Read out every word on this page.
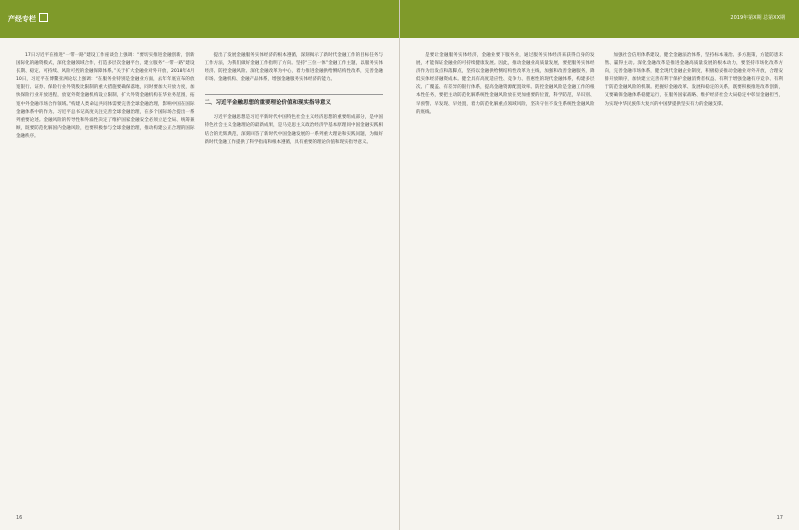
产经专栏
17日习近平在推进“一带一路”建设工作座谈会上强调：“要切实推进金融创新，创新国际化的融资模式，深化金融领域合作，打造多层次金融平台，建立服务“一带一路”建设长期、稳定、可持续、风险可控的金融保障体系。”关于扩大金融业对外开放，2018年4月10日，习近平在博鳌亚洲论坛上强调：“在服务业特别是金融业方面，去年年底宣布的放宽银行、证券、保险行业外资股比限制的重大措施要确保落地，同时要加大开放力度，加快保险行业开放进程，放宽外资金融机构设立限制，扩大外资金融机构在华业务范围，拓宽中外金融市场合作领域。”构建人类命运共同体需要完善全球金融治理，影响中国在国际金融体系中的作为。习近平总书记高度关注完善全球金融治理，在多个国际场合提出一系列重要论述。金融风险的传导性和外溢性决定了维护国家金融安全必须立足全局、统筹兼顾，既要防范化解国内金融风险，也要积极参与全球金融治理，推动构建公正合理的国际金融秩序。
提出了发展金融服务实体经济的根本遵循，深刻揭示了新时代金融工作的目标任务与工作方法，为我们做好金融工作指明了方向。坚持“三位一体”金融工作主题，以服务实体经济、防控金融风险、深化金融改革为中心，着力推进金融供给侧结构性改革，完善金融市场、金融机构、金融产品体系，增强金融服务实体经济的能力。
二、习近平金融思想的重要理论价值和现实指导意义
习近平金融思想是习近平新时代中国特色社会主义经济思想的重要组成部分，是中国特色社会主义金融理论的最新成果，是马克思主义政治经济学基本原理同中国金融实践相结合的光辉典范，深刻回答了新时代中国金融发展的一系列重大理论和实践问题，为做好新时代金融工作提供了科学指南和根本遵循，具有重要的理论价值和现实指导意义。
16
2019年第X期 总第XX期
是要让金融服务实体经济，金融业要下服务业，通过服务实体经济来获得自身的发展，才能保证金融业的可持续健康发展。因此，推动金融业高质量发展，要把服务实体经济作为出发点和落脚点，坚持以金融供给侧结构性改革为主线，加强和改善金融服务，降低实体经济融资成本。健全具有高度适应性、竞争力、普惠性的现代金融体系，构建多层次、广覆盖、有差异的银行体系，提高金融资源配置效率。防控金融风险是金融工作的根本性任务，要把主动防范化解系统性金融风险放在更加重要的位置，科学防范，早识别、早预警、早发现、早处置，着力防范化解重点领域风险，坚决守住不发生系统性金融风险的底线。
加强社会信用体系建设，健全金融法治体系，坚持标本兼治、多方施策，方能防患未然、赢得主动。深化金融改革是推进金融高质量发展的根本动力，要坚持市场化改革方向，完善金融市场体系，健全现代金融企业制度，积极稳妥推动金融业对外开放，合理安排开放顺序，加快建立完善有利于保护金融消费者权益、有利于增强金融有序竞争、有利于防范金融风险的机制。把握好金融改革、发展和稳定的关系，既要积极推进改革创新，又要确保金融体系稳健运行，在服务国家战略、维护经济社会大局稳定中彰显金融担当，为实现中华民族伟大复兴的中国梦提供坚实有力的金融支撑。
17
